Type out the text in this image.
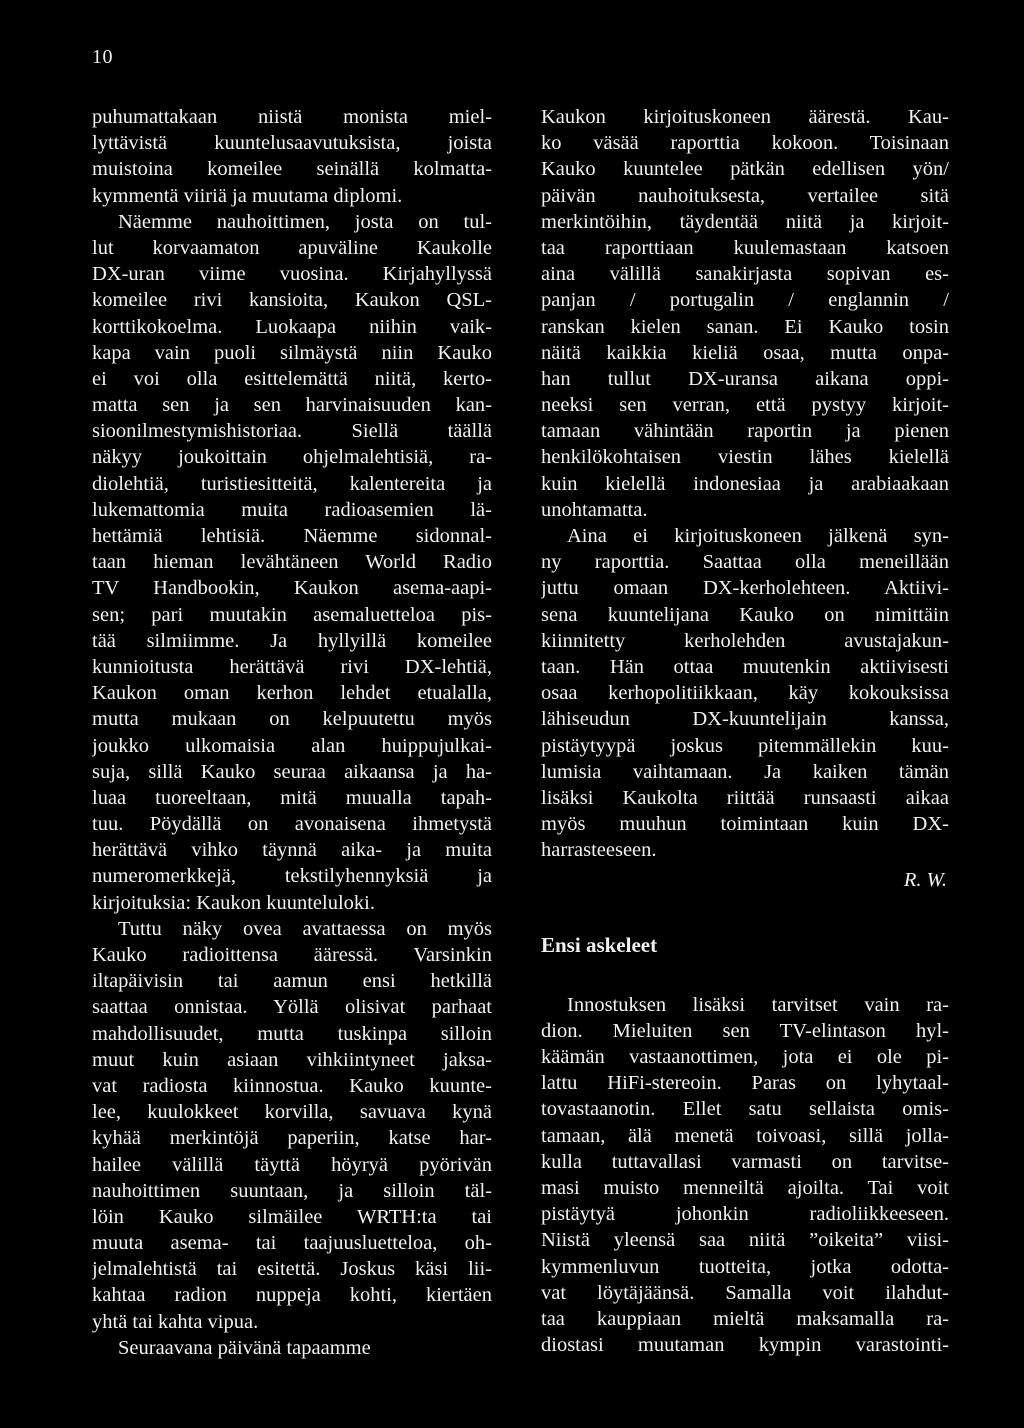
10
puhumattakaan niistä monista miel-
lyttävistä kuuntelusaavutuksista, joista
muistoina komeilee seinällä kolmatta-
kymmentä viiriä ja muutama diplomi.
Näemme nauhoittimen, josta on tul-
lut korvaamaton apuväline Kaukolle
DX-uran viime vuosina. Kirjahyllyssä
komeilee rivi kansioita, Kaukon QSL-
korttikokoelma. Luokaapa niihin vaik-
kapa vain puoli silmäystä niin Kauko
ei voi olla esittelemättä niitä, kerto-
matta sen ja sen harvinaisuuden kan-
sioonilmestymishistoriaa. Siellä täällä
näkyy joukoittain ohjelmalehtisiä, ra-
diolehtiä, turistiesitteitä, kalentereita ja
lukemattomia muita radioasemien lä-
hettämiä lehtisiä. Näemme sidonnal-
taan hieman levähtäneen World Radio
TV Handbookin, Kaukon asema-aapi-
sen; pari muutakin asemaluetteloa pis-
tää silmiimme. Ja hyllyillä komeilee
kunnioitusta herättävä rivi DX-lehtiä,
Kaukon oman kerhon lehdet etualalla,
mutta mukaan on kelpuutettu myös
joukko ulkomaisia alan huippujulkai-
suja, sillä Kauko seuraa aikaansa ja ha-
luaa tuoreeltaan, mitä muualla tapah-
tuu. Pöydällä on avonaisena ihmetystä
herättävä vihko täynnä aika- ja muita
numeromerkkejä, tekstilyhennyksiä ja
kirjoituksia: Kaukon kuunteluloki.
Tuttu näky ovea avattaessa on myös
Kauko radioittensa ääressä. Varsinkin
iltapäivisin tai aamun ensi hetkillä
saattaa onnistaa. Yöllä olisivat parhaat
mahdollisuudet, mutta tuskinpa silloin
muut kuin asiaan vihkiintyneet jaksa-
vat radiosta kiinnostua. Kauko kuunte-
lee, kuulokkeet korvilla, savuava kynä
kyhää merkintöjä paperiin, katse har-
hailee välillä täyttä höyryä pyörivän
nauhoittimen suuntaan, ja silloin täl-
löin Kauko silmäilee WRTH:ta tai
muuta asema- tai taajuusluetteloa, oh-
jelmalehtistä tai esitettä. Joskus käsi lii-
kahtaa radion nuppeja kohti, kiertäen
yhtä tai kahta vipua.
Seuraavana päivänä tapaamme
Kaukon kirjoituskoneen äärestä. Kau-
ko väsää raporttia kokoon. Toisinaan
Kauko kuuntelee pätkän edellisen yön/
päivän nauhoituksesta, vertailee sitä
merkintöihin, täydentää niitä ja kirjoit-
taa raporttiaan kuulemastaan katsoen
aina välillä sanakirjasta sopivan es-
panjan / portugalin / englannin /
ranskan kielen sanan. Ei Kauko tosin
näitä kaikkia kieliä osaa, mutta onpa-
han tullut DX-uransa aikana oppi-
neeksi sen verran, että pystyy kirjoit-
tamaan vähintään raportin ja pienen
henkilökohtaisen viestin lähes kielellä
kuin kielellä indonesiaa ja arabiaakaan
unohtamatta.
Aina ei kirjoituskoneen jälkenä syn-
ny raporttia. Saattaa olla meneillään
juttu omaan DX-kerholehteen. Aktiivi-
sena kuuntelijana Kauko on nimittäin
kiinnitetty kerholehden avustajakun-
taan. Hän ottaa muutenkin aktiivisesti
osaa kerhopolitiikkaan, käy kokouksissa
lähiseudun DX-kuuntelijain kanssa,
pistäytyypä joskus pitemmällekin kuu-
lumisia vaihtamaan. Ja kaiken tämän
lisäksi Kaukolta riittää runsaasti aikaa
myös muuhun toimintaan kuin DX-
harrasteeseen.
R. W.
Ensi askeleet
Innostuksen lisäksi tarvitset vain ra-
dion. Mieluiten sen TV-elintason hyl-
käämän vastaanottimen, jota ei ole pi-
lattu HiFi-stereoin. Paras on lyhytaal-
tovastaanotin. Ellet satu sellaista omis-
tamaan, älä menetä toivoasi, sillä jolla-
kulla tuttavallasi varmasti on tarvitse-
masi muisto menneiltä ajoilta. Tai voit
pistäytyä johonkin radioliikkeeseen.
Niistä yleensä saa niitä ”oikeita” viisi-
kymmenluvun tuotteita, jotka odotta-
vat löytäjäänsä. Samalla voit ilahdut-
taa kauppiaan mieltä maksamalla ra-
diostasi muutaman kympin varastointi-
